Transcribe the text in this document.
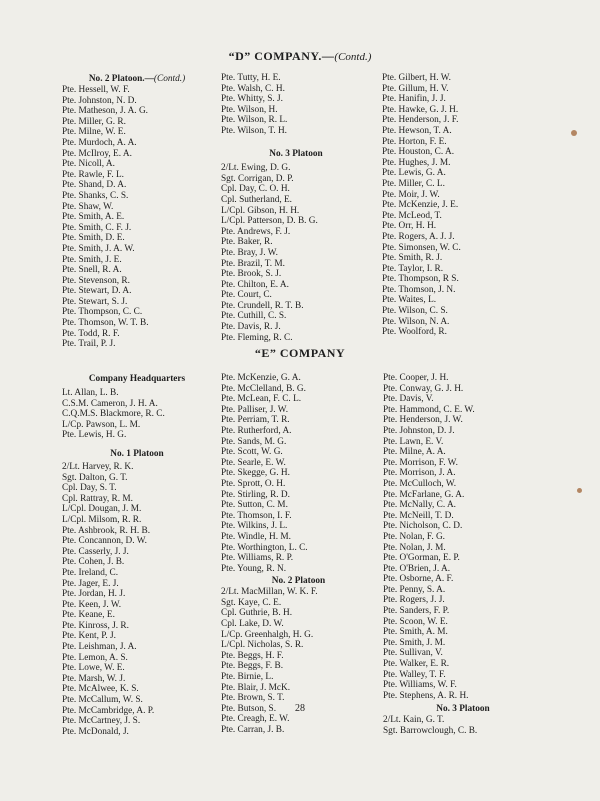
“D” COMPANY.—(Contd.)
No. 2 Platoon.—(Contd.)
Pte. Hessell, W. F.
Pte. Johnston, N. D.
Pte. Matheson, J. A. G.
Pte. Miller, G. R.
Pte. Milne, W. E.
Pte. Murdoch, A. A.
Pte. McIlroy, E. A.
Pte. Nicoll, A.
Pte. Rawle, F. L.
Pte. Shand, D. A.
Pte. Shanks, C. S.
Pte. Shaw, W.
Pte. Smith, A. E.
Pte. Smith, C. F. J.
Pte. Smith, D. E.
Pte. Smith, J. A. W.
Pte. Smith, J. E.
Pte. Snell, R. A.
Pte. Stevenson, R.
Pte. Stewart, D. A.
Pte. Stewart, S. J.
Pte. Thompson, C. C.
Pte. Thomson, W. T. B.
Pte. Todd, R. F.
Pte. Trail, P. J.
Pte. Tutty, H. E.
Pte. Walsh, C. H.
Pte. Whitty, S. J.
Pte. Wilson, H.
Pte. Wilson, R. L.
Pte. Wilson, T. H.
No. 3 Platoon
2/Lt. Ewing, D. G.
Sgt. Corrigan, D. P.
Cpl. Day, C. O. H.
Cpl. Sutherland, E.
L/Cpl. Gibson, H. H.
L/Cpl. Patterson, D. B. G.
Pte. Andrews, F. J.
Pte. Baker, R.
Pte. Bray, J. W.
Pte. Brazil, T. M.
Pte. Brook, S. J.
Pte. Chilton, E. A.
Pte. Court, C.
Pte. Crundell, R. T. B.
Pte. Cuthill, C. S.
Pte. Davis, R. J.
Pte. Fleming, R. C.
Pte. Gilbert, H. W.
Pte. Gillum, H. V.
Pte. Hanifin, J. J.
Pte. Hawke, G. J. H.
Pte. Henderson, J. F.
Pte. Hewson, T. A.
Pte. Horton, F. E.
Pte. Houston, C. A.
Pte. Hughes, J. M.
Pte. Lewis, G. A.
Pte. Miller, C. L.
Pte. Moir, J. W.
Pte. McKenzie, J. E.
Pte. McLeod, T.
Pte. Orr, H. H.
Pte. Rogers, A. J. J.
Pte. Simonsen, W. C.
Pte. Smith, R. J.
Pte. Taylor, I. R.
Pte. Thompson, R S.
Pte. Thomson, J. N.
Pte. Waites, L.
Pte. Wilson, C. S.
Pte. Wilson, N. A.
Pte. Woolford, R.
“E” COMPANY
Company Headquarters
Lt. Allan, L. B.
C.S.M. Cameron, J. H. A.
C.Q.M.S. Blackmore, R. C.
L/Cp. Pawson, L. M.
Pte. Lewis, H. G.
No. 1 Platoon
2/Lt. Harvey, R. K.
Sgt. Dalton, G. T.
Cpl. Day, S. T.
Cpl. Rattray, R. M.
L/Cpl. Dougan, J. M.
L/Cpl. Milsom, R. R.
Pte. Ashbrook, R. H. B.
Pte. Concannon, D. W.
Pte. Casserly, J. J.
Pte. Cohen, J. B.
Pte. Ireland, C.
Pte. Jager, E. J.
Pte. Jordan, H. J.
Pte. Keen, J. W.
Pte. Keane, E.
Pte. Kinross, J. R.
Pte. Kent, P. J.
Pte. Leishman, J. A.
Pte. Lemon, A. S.
Pte. Lowe, W. E.
Pte. Marsh, W. J.
Pte. McAlwee, K. S.
Pte. McCallum, W. S.
Pte. McCambridge, A. P.
Pte. McCartney, J. S.
Pte. McDonald, J.
Pte. McKenzie, G. A.
Pte. McClelland, B. G.
Pte. McLean, F. C. L.
Pte. Palliser, J. W.
Pte. Perriam, T. R.
Pte. Rutherford, A.
Pte. Sands, M. G.
Pte. Scott, W. G.
Pte. Searle, E. W.
Pte. Skegge, G. H.
Pte. Sprott, O. H.
Pte. Stirling, R. D.
Pte. Sutton, C. M.
Pte. Thomson, I. F.
Pte. Wilkins, J. L.
Pte. Windle, H. M.
Pte. Worthington, L. C.
Pte. Williams, R. P.
Pte. Young, R. N.
No. 2 Platoon
2/Lt. MacMillan, W. K. F.
Sgt. Kaye, C. E.
Cpl. Guthrie, B. H.
Cpl. Lake, D. W.
L/Cp. Greenhalgh, H. G.
L/Cpl. Nicholas, S. R.
Pte. Beggs, H. F.
Pte. Beggs, F. B.
Pte. Birnie, L.
Pte. Blair, J. McK.
Pte. Brown, S. T.
Pte. Butson, S.
Pte. Creagh, E. W.
Pte. Carran, J. B.
Pte. Cooper, J. H.
Pte. Conway, G. J. H.
Pte. Davis, V.
Pte. Hammond, C. E. W.
Pte. Henderson, J. W.
Pte. Johnston, D. J.
Pte. Lawn, E. V.
Pte. Milne, A. A.
Pte. Morrison, F. W.
Pte. Morrison, J. A.
Pte. McCulloch, W.
Pte. McFarlane, G. A.
Pte. McNally, C. A.
Pte. McNeill, T. D.
Pte. Nicholson, C. D.
Pte. Nolan, F. G.
Pte. Nolan, J. M.
Pte. O'Gorman, E. P.
Pte. O'Brien, J. A.
Pte. Osborne, A. F.
Pte. Penny, S. A.
Pte. Rogers, J. J.
Pte. Sanders, F. P.
Pte. Scoon, W. E.
Pte. Smith, A. M.
Pte. Smith, J. M.
Pte. Sullivan, V.
Pte. Walker, E. R.
Pte. Walley, T. F.
Pte. Williams, W. F.
Pte. Stephens, A. R. H.
No. 3 Platoon
2/Lt. Kain, G. T.
Sgt. Barrowclough, C. B.
28
